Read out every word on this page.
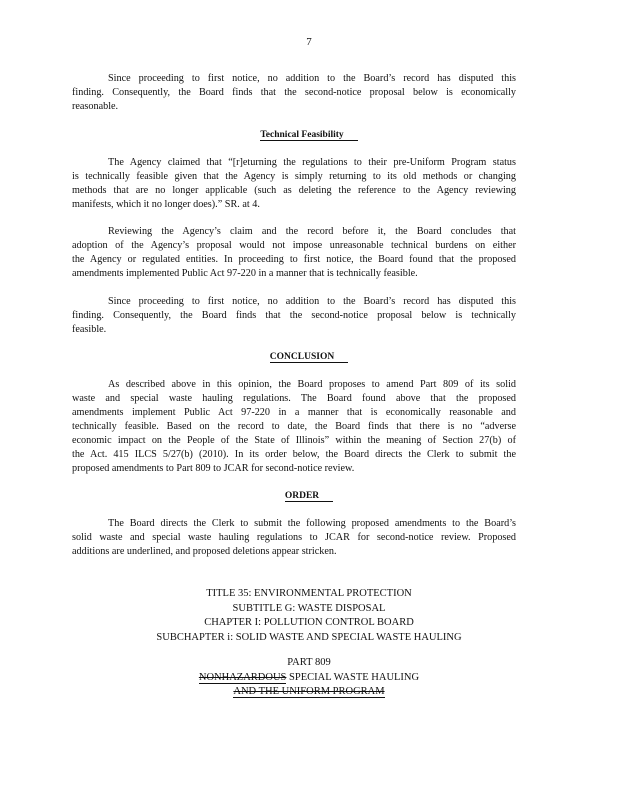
7
Since proceeding to first notice, no addition to the Board’s record has disputed this
finding. Consequently, the Board finds that the second-notice proposal below is economically
reasonable.
Technical Feasibility
The Agency claimed that “[r]eturning the regulations to their pre-Uniform Program status
is technically feasible given that the Agency is simply returning to its old methods or changing
methods that are no longer applicable (such as deleting the reference to the Agency reviewing
manifests, which it no longer does).” SR. at 4.
Reviewing the Agency’s claim and the record before it, the Board concludes that
adoption of the Agency’s proposal would not impose unreasonable technical burdens on either
the Agency or regulated entities. In proceeding to first notice, the Board found that the proposed
amendments implemented Public Act 97-220 in a manner that is technically feasible.
Since proceeding to first notice, no addition to the Board’s record has disputed this
finding. Consequently, the Board finds that the second-notice proposal below is technically
feasible.
CONCLUSION
As described above in this opinion, the Board proposes to amend Part 809 of its solid
waste and special waste hauling regulations. The Board found above that the proposed
amendments implement Public Act 97-220 in a manner that is economically reasonable and
technically feasible. Based on the record to date, the Board finds that there is no “adverse
economic impact on the People of the State of Illinois” within the meaning of Section 27(b) of
the Act. 415 ILCS 5/27(b) (2010). In its order below, the Board directs the Clerk to submit the
proposed amendments to Part 809 to JCAR for second-notice review.
ORDER
The Board directs the Clerk to submit the following proposed amendments to the Board’s
solid waste and special waste hauling regulations to JCAR for second-notice review. Proposed
additions are underlined, and proposed deletions appear stricken.
TITLE 35: ENVIRONMENTAL PROTECTION
SUBTITLE G: WASTE DISPOSAL
CHAPTER I: POLLUTION CONTROL BOARD
SUBCHAPTER i: SOLID WASTE AND SPECIAL WASTE HAULING
PART 809
NONHAZARDOUS SPECIAL WASTE HAULING
AND THE UNIFORM PROGRAM
